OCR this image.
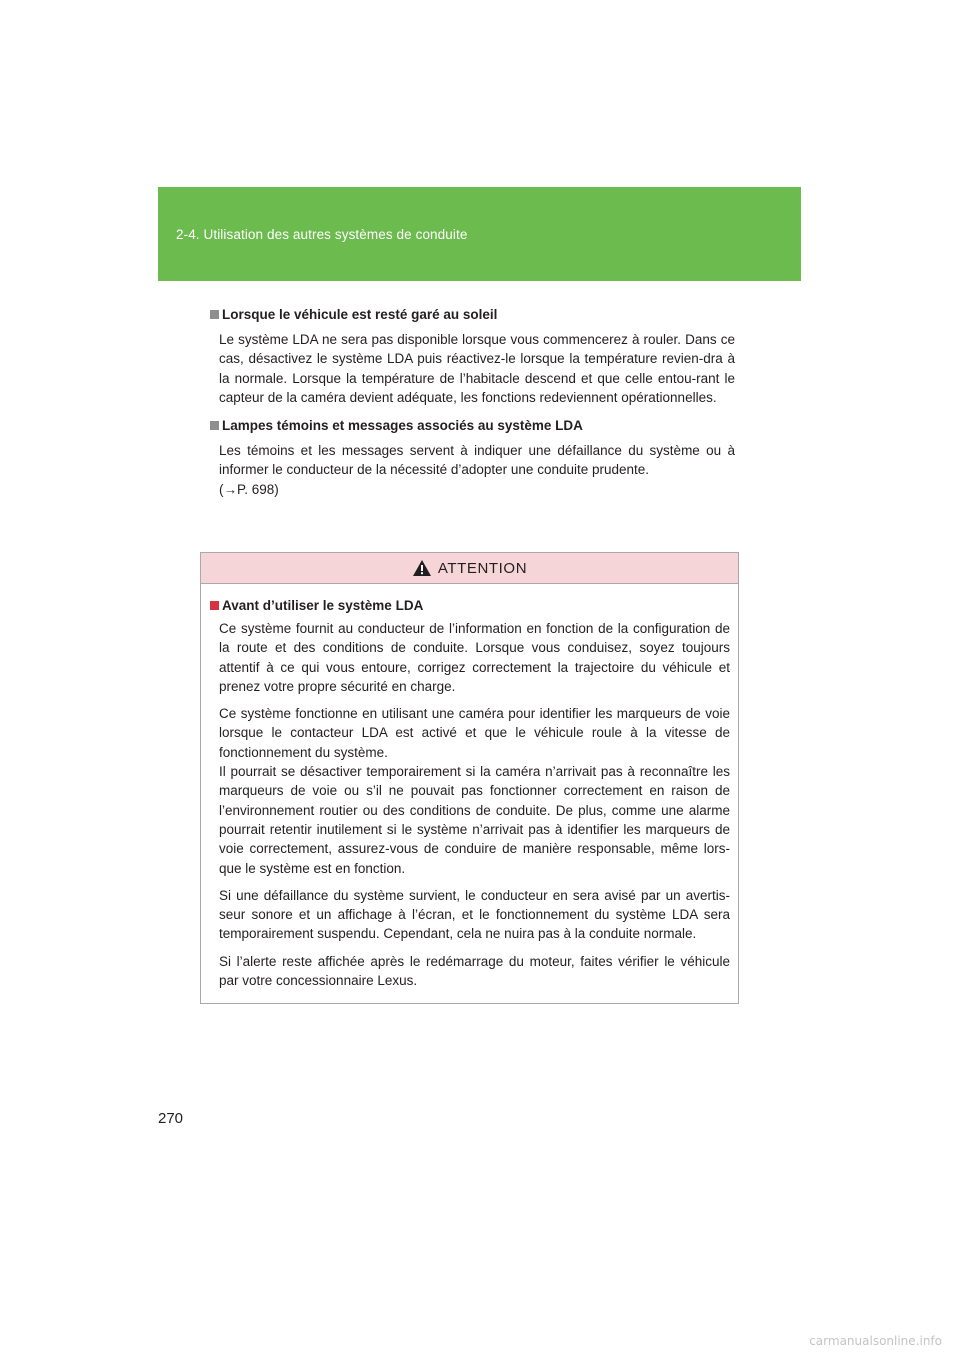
2-4. Utilisation des autres systèmes de conduite
Lorsque le véhicule est resté garé au soleil

Le système LDA ne sera pas disponible lorsque vous commencerez à rouler. Dans ce cas, désactivez le système LDA puis réactivez-le lorsque la température revien-dra à la normale. Lorsque la température de l’habitacle descend et que celle entou-rant le capteur de la caméra devient adéquate, les fonctions redeviennent opérationnelles.

Lampes témoins et messages associés au système LDA

Les témoins et les messages servent à indiquer une défaillance du système ou à informer le conducteur de la nécessité d’adopter une conduite prudente.

(→P. 698)

ATTENTION
Avant d’utiliser le système LDA

Ce système fournit au conducteur de l’information en fonction de la configuration de la route et des conditions de conduite. Lorsque vous conduisez, soyez toujours attentif à ce qui vous entoure, corrigez correctement la trajectoire du véhicule et prenez votre propre sécurité en charge.

Ce système fonctionne en utilisant une caméra pour identifier les marqueurs de voie lorsque le contacteur LDA est activé et que le véhicule roule à la vitesse de fonctionnement du système.

Il pourrait se désactiver temporairement si la caméra n’arrivait pas à reconnaître les marqueurs de voie ou s’il ne pouvait pas fonctionner correctement en raison de l’environnement routier ou des conditions de conduite. De plus, comme une alarme pourrait retentir inutilement si le système n’arrivait pas à identifier les marqueurs de voie correctement, assurez-vous de conduire de manière responsable, même lors-que le système est en fonction.

Si une défaillance du système survient, le conducteur en sera avisé par un avertis-seur sonore et un affichage à l’écran, et le fonctionnement du système LDA sera temporairement suspendu. Cependant, cela ne nuira pas à la conduite normale.

Si l’alerte reste affichée après le redémarrage du moteur, faites vérifier le véhicule par votre concessionnaire Lexus.

270
carmanualsonline.info
